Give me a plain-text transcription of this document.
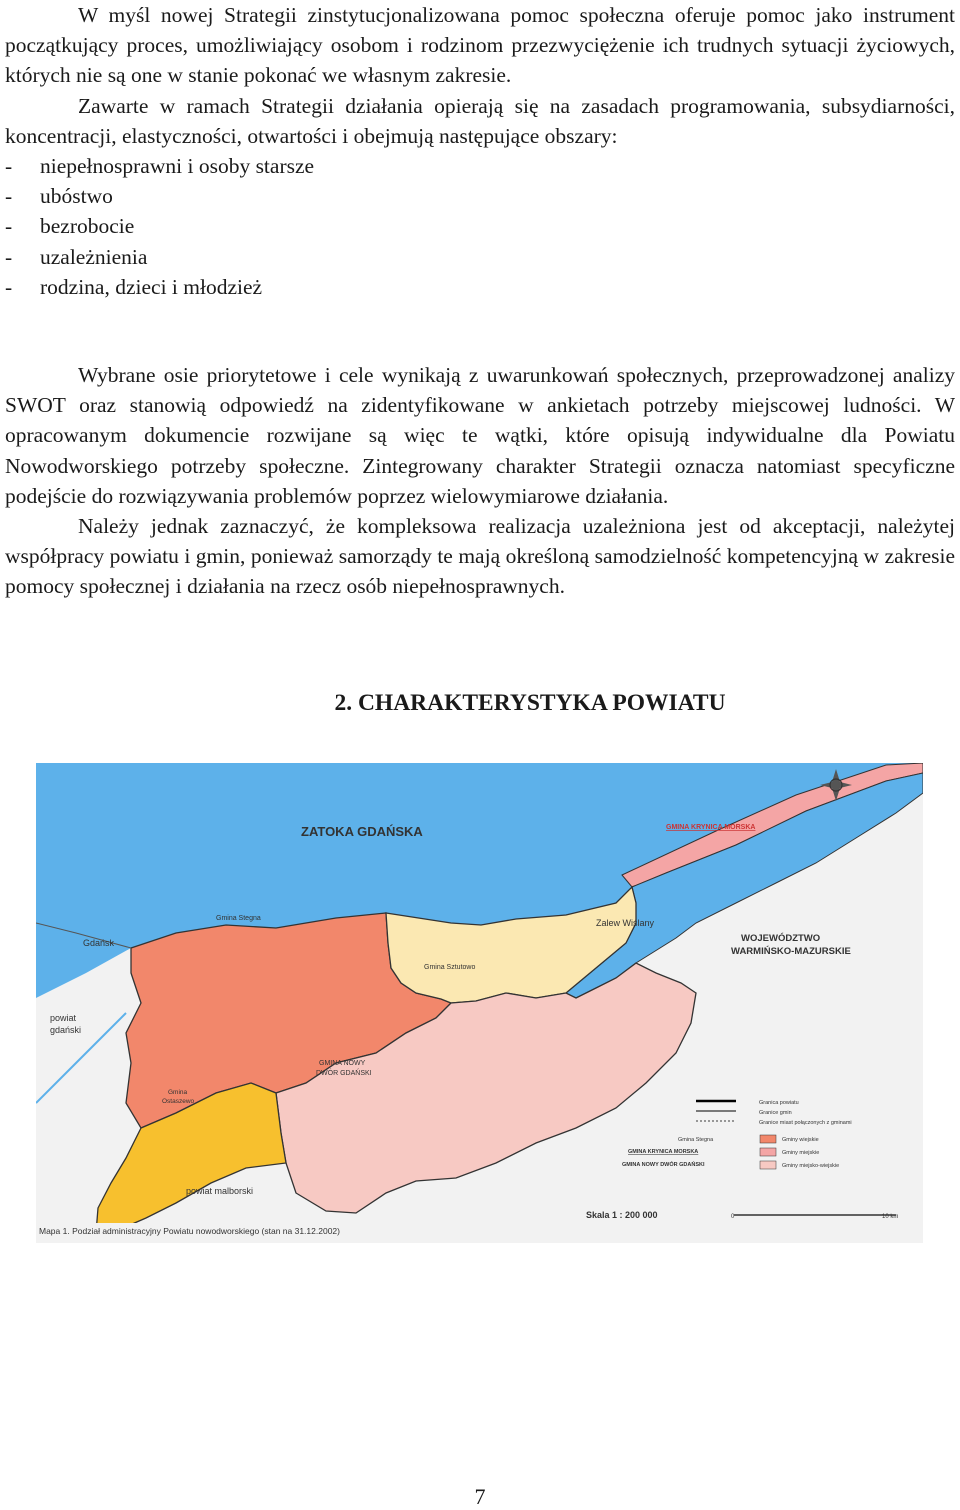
W myśl nowej Strategii zinstytucjonalizowana pomoc społeczna oferuje pomoc jako instrument początkujący proces, umożliwiający osobom i rodzinom przezwyciężenie ich trudnych sytuacji życiowych, których nie są one w stanie pokonać we własnym zakresie.

Zawarte w ramach Strategii działania opierają się na zasadach programowania, subsydiarności, koncentracji, elastyczności, otwartości i obejmują następujące obszary:

-	niepełnosprawni i osoby starsze
-	ubóstwo
-	bezrobocie
-	uzależnienia
-	rodzina, dzieci i młodzież

Wybrane osie priorytetowe i cele wynikają z uwarunkowań społecznych, przeprowadzonej analizy SWOT oraz stanowią odpowiedź na zidentyfikowane w ankietach potrzeby miejscowej ludności. W opracowanym dokumencie rozwijane są więc te wątki, które opisują indywidualne dla Powiatu Nowodworskiego potrzeby społeczne. Zintegrowany charakter Strategii oznacza natomiast specyficzne podejście do rozwiązywania problemów poprzez wielowymiarowe działania.

Należy jednak zaznaczyć, że kompleksowa realizacja uzależniona jest od akceptacji, należytej współpracy powiatu i gmin, ponieważ samorządy te mają określoną samodzielność kompetencyjną w zakresie pomocy społecznej i działania na rzecz osób niepełnosprawnych.

2. CHARAKTERYSTYKA POWIATU
ZATOKA GDAŃSKA	GMINA KRYNICA MORSKA
Gdańsk
Gmina Stegna
Gmina Sztutowo
Zalew Wiślany
WOJEWÓDZTWO
WARMIŃSKO-MAZURSKIE
powiat
gdański
GMINA NOWY
DWÓR GDAŃSKI
Gmina
Ostaszewo
powiat malborski
Granica powiatu
Granice gmin
Granice miast połączonych z gminami
Gmina Stegna
GMINA KRYNICA MORSKA
GMINA NOWY DWÓR GDAŃSKI
Gminy wiejskie
Gminy miejskie
Gminy miejsko-wiejskie
Mapa 1. Podział administracyjny Powiatu nowodworskiego (stan na 31.12.2002)
Skala 1 : 200 000	0	10 km
7
